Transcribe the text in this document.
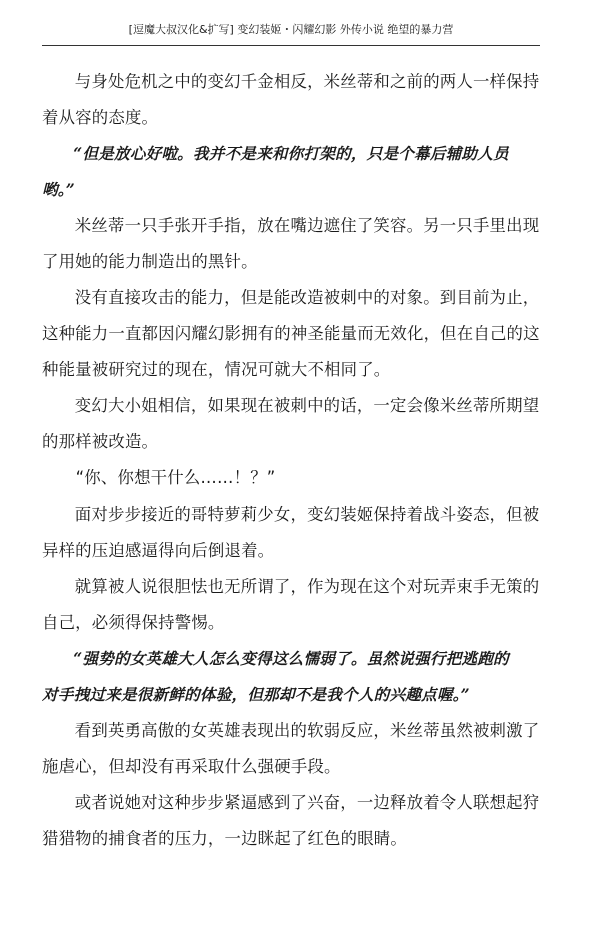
[逗魔大叔汉化&扩写] 变幻装姬・闪耀幻影 外传小说 绝望的暴力营

与身处危机之中的变幻千金相反，米丝蒂和之前的两人一样保持
着从容的态度。

“但是放心好啦。我并不是来和你打架的，只是个幕后辅助人员
哟。”

米丝蒂一只手张开手指，放在嘴边遮住了笑容。另一只手里出现
了用她的能力制造出的黑针。

没有直接攻击的能力，但是能改造被刺中的对象。到目前为止，
这种能力一直都因闪耀幻影拥有的神圣能量而无效化，但在自己的这
种能量被研究过的现在，情况可就大不相同了。

变幻大小姐相信，如果现在被刺中的话，一定会像米丝蒂所期望
的那样被改造。

“你、你想干什么……！？”

面对步步接近的哥特萝莉少女，变幻装姬保持着战斗姿态，但被
异样的压迫感逼得向后倒退着。

就算被人说很胆怯也无所谓了，作为现在这个对玩弄束手无策的
自己，必须得保持警惕。

“强势的女英雄大人怎么变得这么懦弱了。虽然说强行把逃跑的
对手拽过来是很新鲜的体验，但那却不是我个人的兴趣点喔。”

看到英勇高傲的女英雄表现出的软弱反应，米丝蒂虽然被刺激了
施虐心，但却没有再采取什么强硬手段。

或者说她对这种步步紧逼感到了兴奋，一边释放着令人联想起狩
猎猎物的捕食者的压力，一边眯起了红色的眼睛。
